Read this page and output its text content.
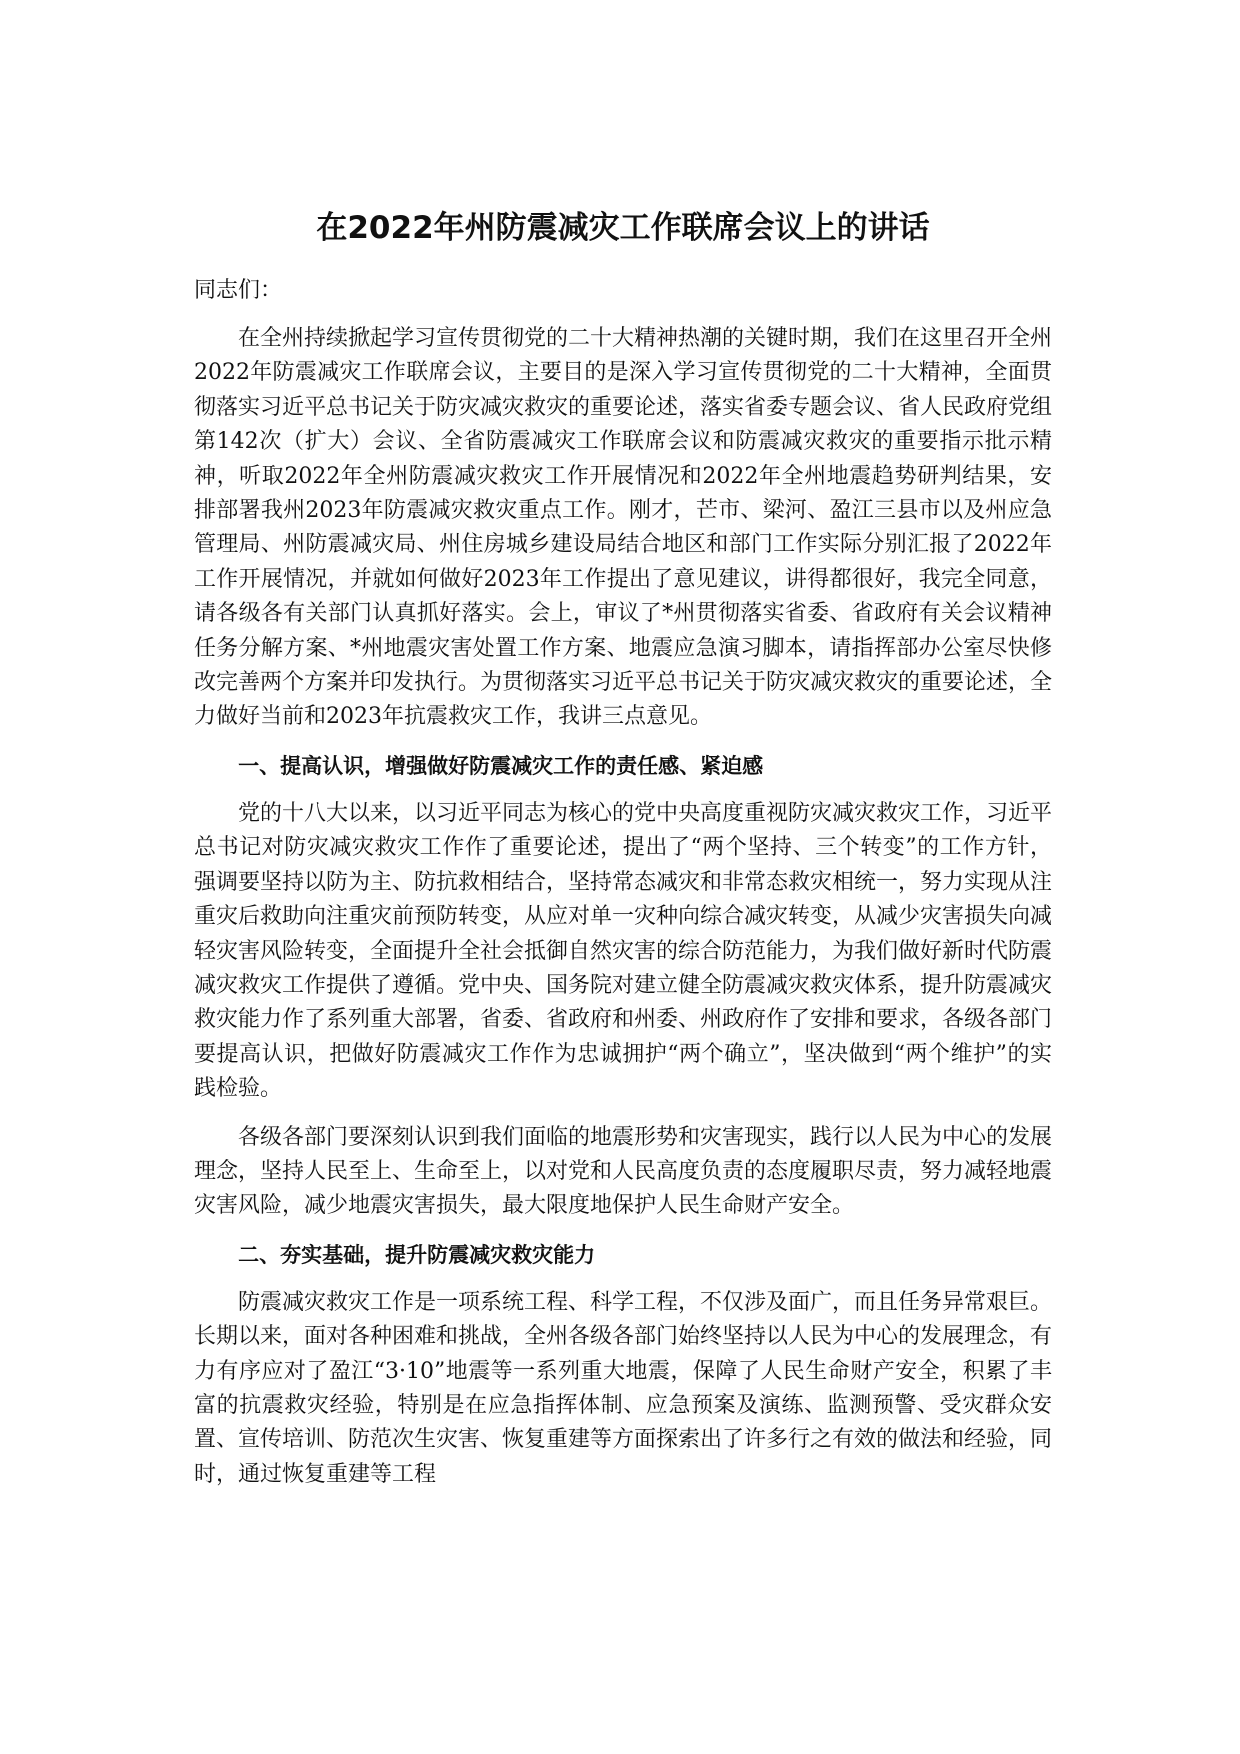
在2022年州防震减灾工作联席会议上的讲话

同志们：

在全州持续掀起学习宣传贯彻党的二十大精神热潮的关键时期，我们在这里召开全州2022年防震减灾工作联席会议，主要目的是深入学习宣传贯彻党的二十大精神，全面贯彻落实习近平总书记关于防灾减灾救灾的重要论述，落实省委专题会议、省人民政府党组第142次（扩大）会议、全省防震减灾工作联席会议和防震减灾救灾的重要指示批示精神，听取2022年全州防震减灾救灾工作开展情况和2022年全州地震趋势研判结果，安排部署我州2023年防震减灾救灾重点工作。刚才，芒市、梁河、盈江三县市以及州应急管理局、州防震减灾局、州住房城乡建设局结合地区和部门工作实际分别汇报了2022年工作开展情况，并就如何做好2023年工作提出了意见建议，讲得都很好，我完全同意，请各级各有关部门认真抓好落实。会上，审议了*州贯彻落实省委、省政府有关会议精神任务分解方案、*州地震灾害处置工作方案、地震应急演习脚本，请指挥部办公室尽快修改完善两个方案并印发执行。为贯彻落实习近平总书记关于防灾减灾救灾的重要论述，全力做好当前和2023年抗震救灾工作，我讲三点意见。

一、提高认识，增强做好防震减灾工作的责任感、紧迫感

党的十八大以来，以习近平同志为核心的党中央高度重视防灾减灾救灾工作，习近平总书记对防灾减灾救灾工作作了重要论述，提出了“两个坚持、三个转变”的工作方针，强调要坚持以防为主、防抗救相结合，坚持常态减灾和非常态救灾相统一，努力实现从注重灾后救助向注重灾前预防转变，从应对单一灾种向综合减灾转变，从减少灾害损失向减轻灾害风险转变，全面提升全社会抵御自然灾害的综合防范能力，为我们做好新时代防震减灾救灾工作提供了遵循。党中央、国务院对建立健全防震减灾救灾体系，提升防震减灾救灾能力作了系列重大部署，省委、省政府和州委、州政府作了安排和要求，各级各部门要提高认识，把做好防震减灾工作作为忠诚拥护“两个确立”，坚决做到“两个维护”的实践检验。

各级各部门要深刻认识到我们面临的地震形势和灾害现实，践行以人民为中心的发展理念，坚持人民至上、生命至上，以对党和人民高度负责的态度履职尽责，努力减轻地震灾害风险，减少地震灾害损失，最大限度地保护人民生命财产安全。

二、夯实基础，提升防震减灾救灾能力

防震减灾救灾工作是一项系统工程、科学工程，不仅涉及面广，而且任务异常艰巨。长期以来，面对各种困难和挑战，全州各级各部门始终坚持以人民为中心的发展理念，有力有序应对了盈江“3·10”地震等一系列重大地震，保障了人民生命财产安全，积累了丰富的抗震救灾经验，特别是在应急指挥体制、应急预案及演练、监测预警、受灾群众安置、宣传培训、防范次生灾害、恢复重建等方面探索出了许多行之有效的做法和经验，同时，通过恢复重建等工程
